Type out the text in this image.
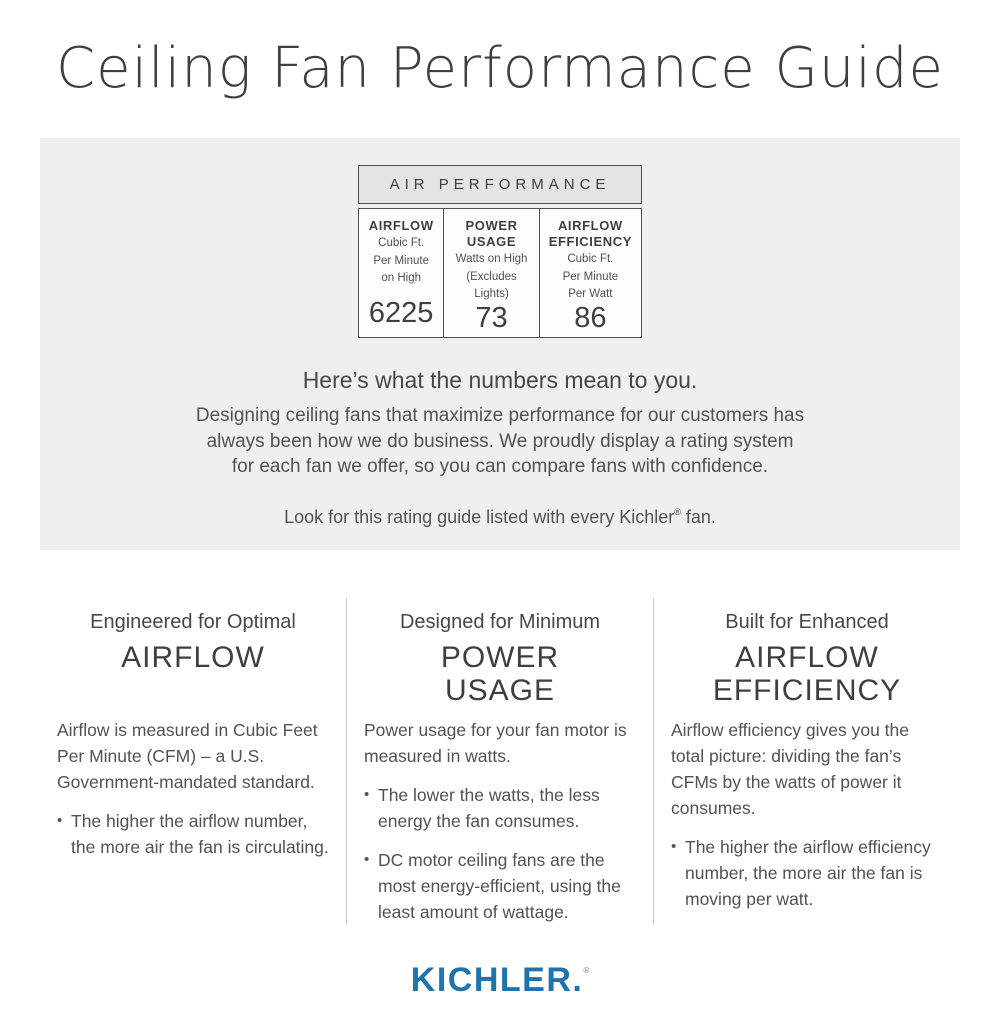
Ceiling Fan Performance Guide
AIR PERFORMANCE
AIRFLOW
Cubic Ft.
Per Minute
on High
6225
POWER USAGE
Watts on High
(Excludes
Lights)
73
AIRFLOW EFFICIENCY
Cubic Ft.
Per Minute
Per Watt
86
Here’s what the numbers mean to you.

Designing ceiling fans that maximize performance for our customers has always been how we do business. We proudly display a rating system for each fan we offer, so you can compare fans with confidence.

Look for this rating guide listed with every Kichler® fan.

Engineered for Optimal
AIRFLOW

Airflow is measured in Cubic Feet Per Minute (CFM) – a U.S. Government-mandated standard.

• The higher the airflow number, the more air the fan is circulating.
Designed for Minimum
POWER USAGE

Power usage for your fan motor is measured in watts.

• The lower the watts, the less energy the fan consumes.
• DC motor ceiling fans are the most energy-efficient, using the least amount of wattage.
Built for Enhanced
AIRFLOW EFFICIENCY

Airflow efficiency gives you the total picture: dividing the fan’s CFMs by the watts of power it consumes.

• The higher the airflow efficiency number, the more air the fan is moving per watt.
KICHLER.®
